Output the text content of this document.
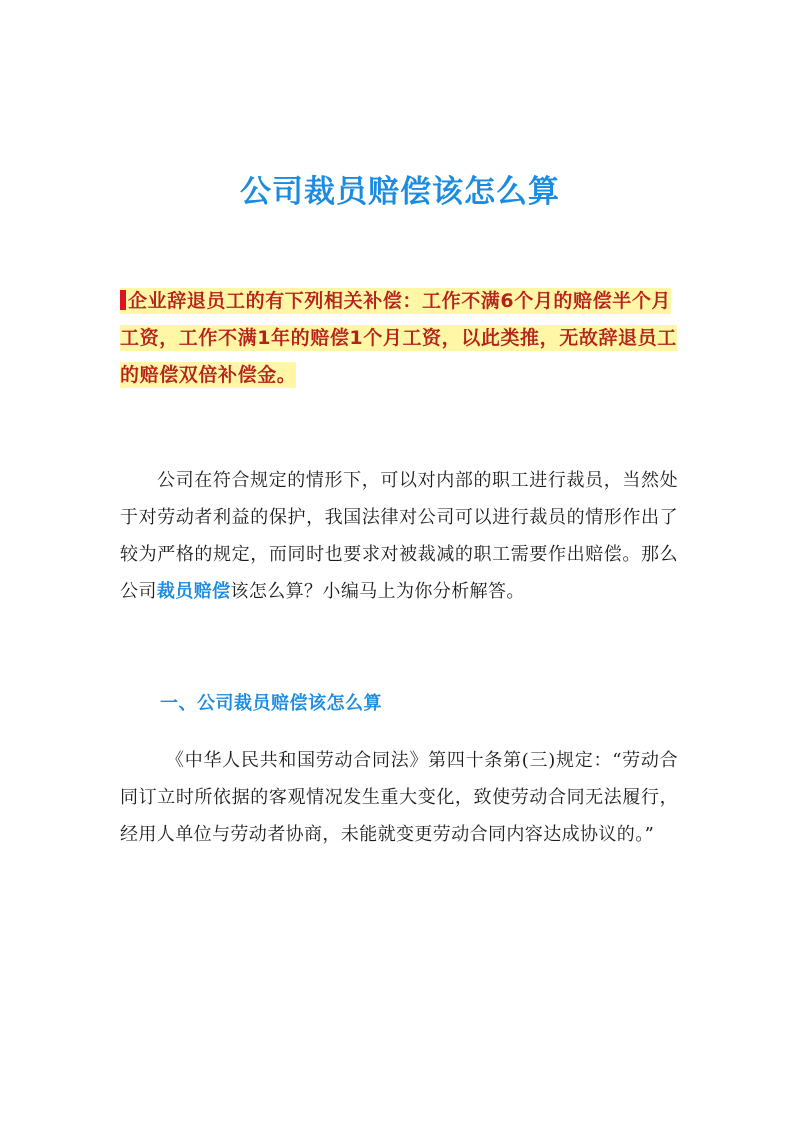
公司裁员赔偿该怎么算
企业辞退员工的有下列相关补偿：工作不满6个月的赔偿半个月工资，工作不满1年的赔偿1个月工资，以此类推，无故辞退员工的赔偿双倍补偿金。
公司在符合规定的情形下，可以对内部的职工进行裁员，当然处于对劳动者利益的保护，我国法律对公司可以进行裁员的情形作出了较为严格的规定，而同时也要求对被裁减的职工需要作出赔偿。那么公司裁员赔偿该怎么算？小编马上为你分析解答。
一、公司裁员赔偿该怎么算
《中华人民共和国劳动合同法》第四十条第(三)规定：“劳动合同订立时所依据的客观情况发生重大变化，致使劳动合同无法履行，经用人单位与劳动者协商，未能就变更劳动合同内容达成协议的。”
